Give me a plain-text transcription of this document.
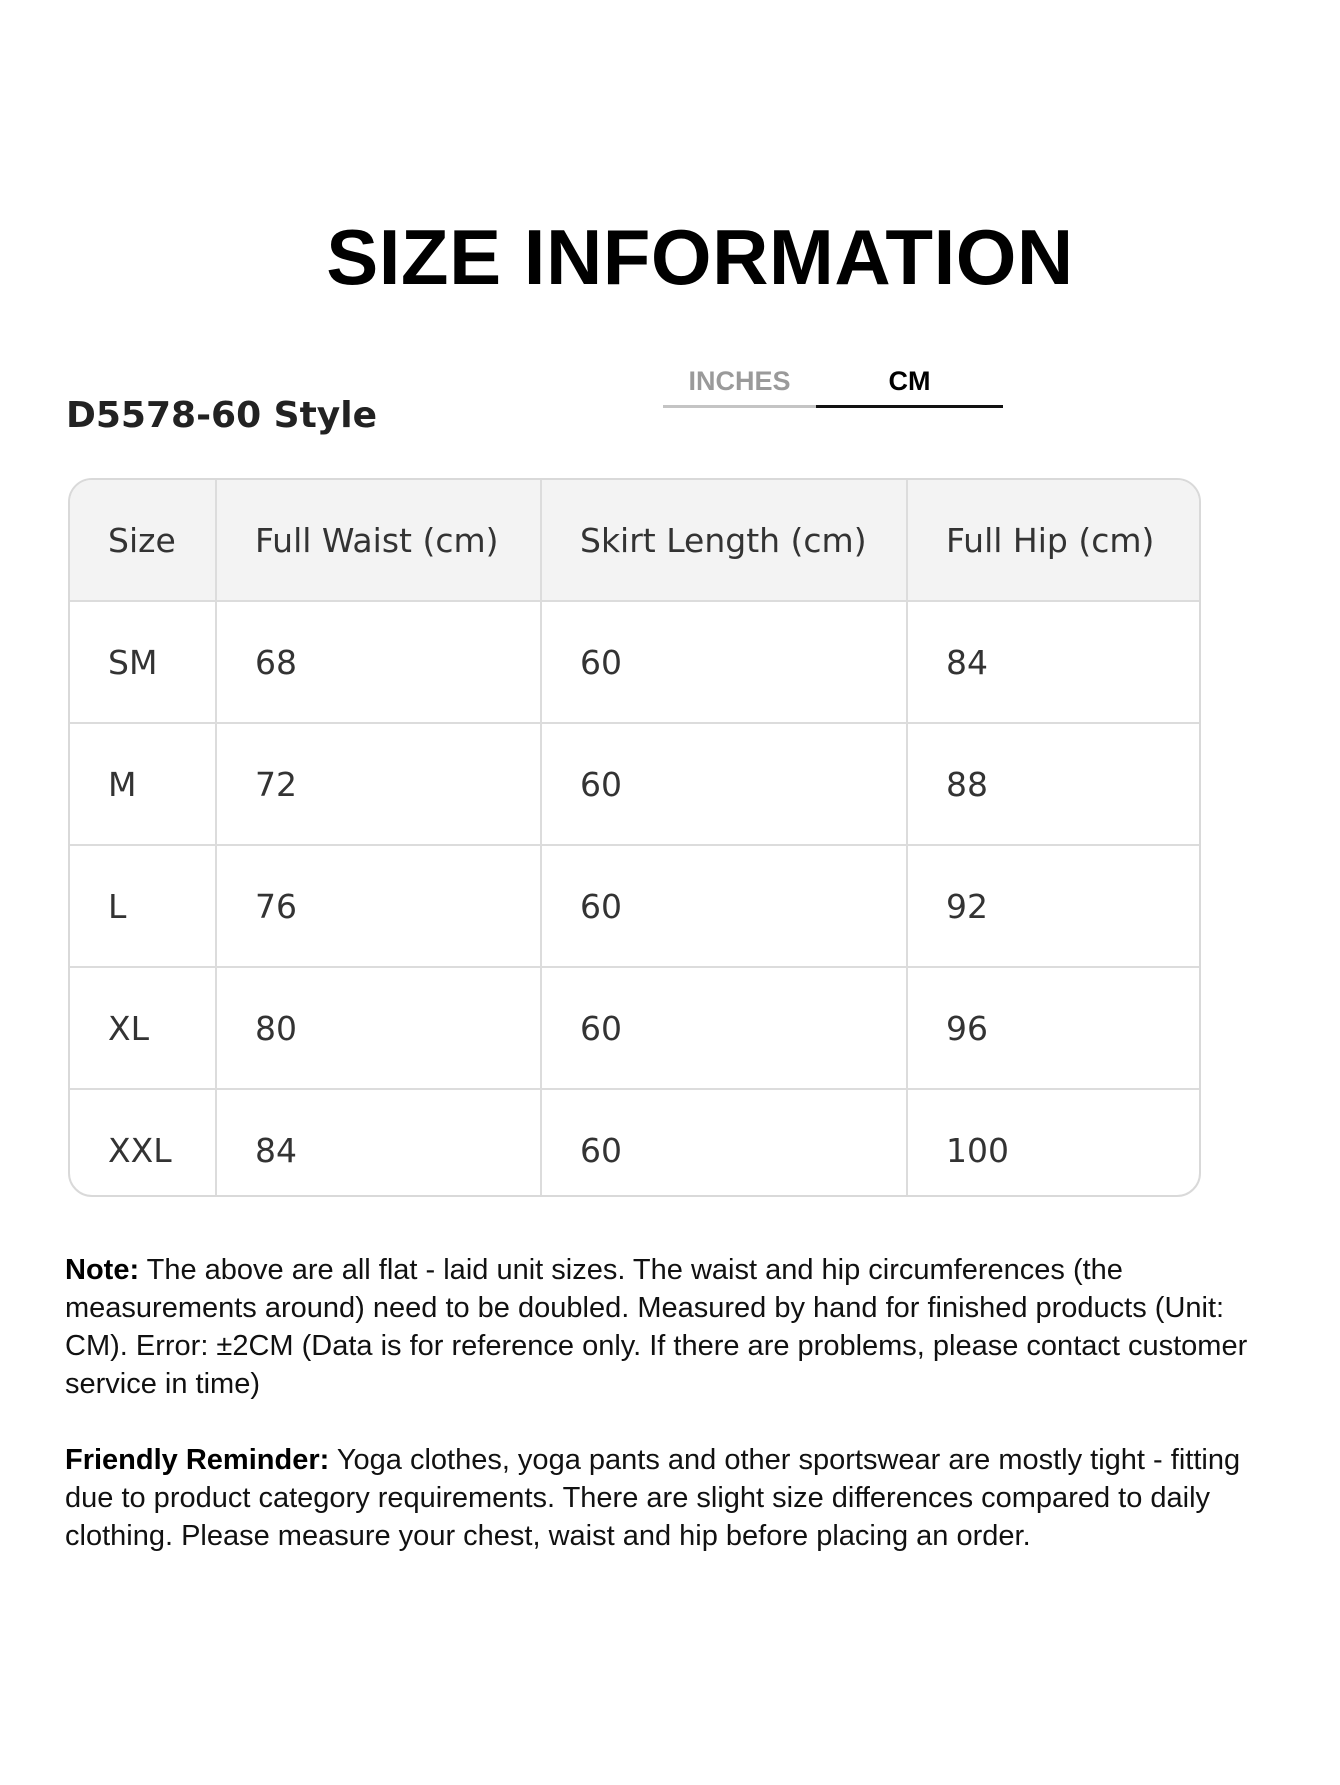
SIZE INFORMATION
INCHES	CM
D5578-60 Style
Size	Full Waist (cm)	Skirt Length (cm)	Full Hip (cm)
SM	68	60	84
M	72	60	88
L	76	60	92
XL	80	60	96
XXL	84	60	100

Note: The above are all flat - laid unit sizes. The waist and hip circumferences (the measurements around) need to be doubled. Measured by hand for finished products (Unit: CM). Error: ±2CM (Data is for reference only. If there are problems, please contact customer service in time)

Friendly Reminder: Yoga clothes, yoga pants and other sportswear are mostly tight - fitting due to product category requirements. There are slight size differences compared to daily clothing. Please measure your chest, waist and hip before placing an order.
